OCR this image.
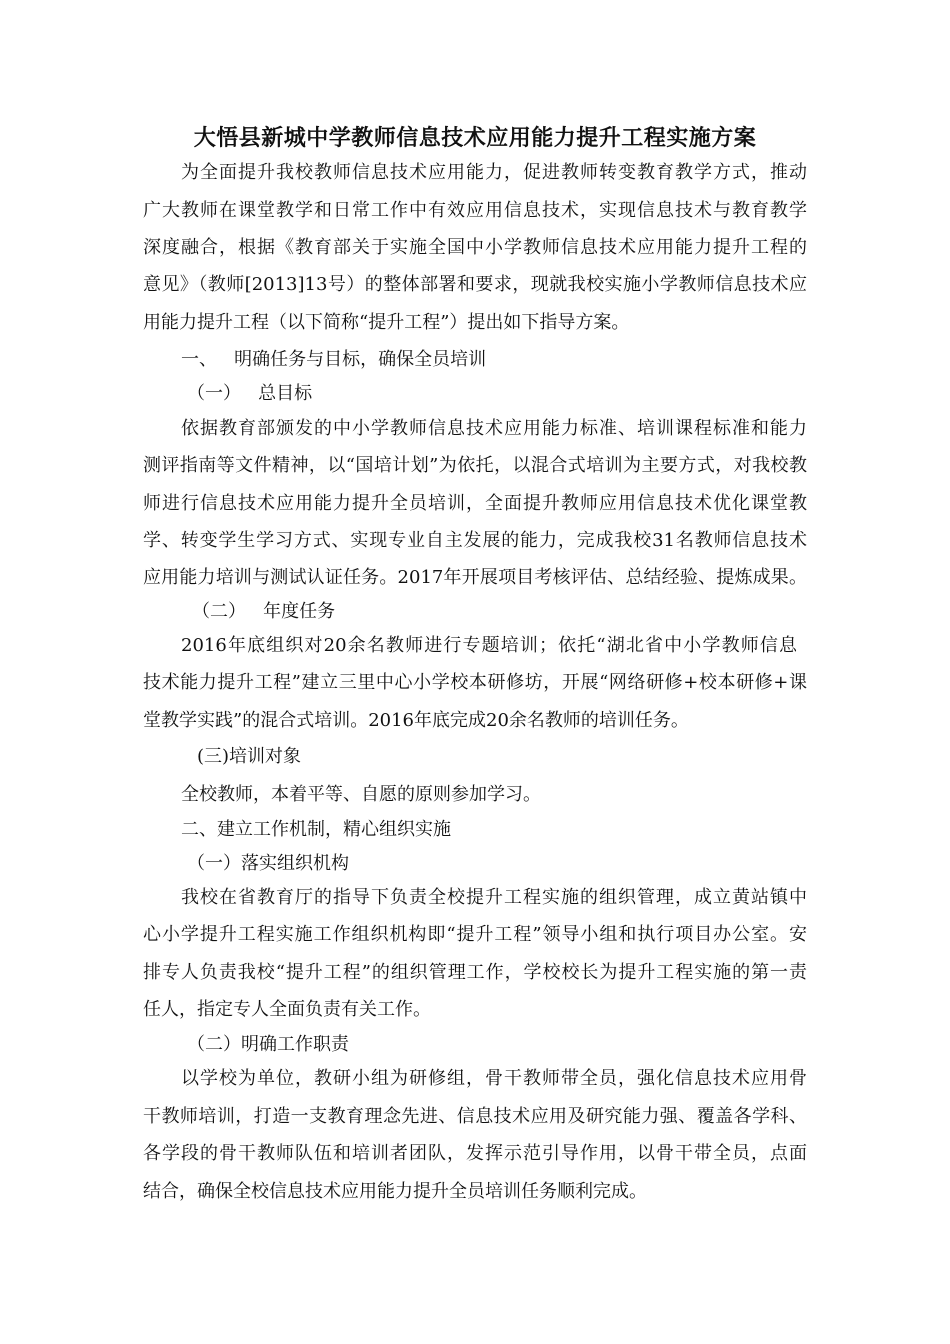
大悟县新城中学教师信息技术应用能力提升工程实施方案
为全面提升我校教师信息技术应用能力，促进教师转变教育教学方式，推动
广大教师在课堂教学和日常工作中有效应用信息技术，实现信息技术与教育教学
深度融合，根据《教育部关于实施全国中小学教师信息技术应用能力提升工程的
意见》（教师[2013]13号）的整体部署和要求，现就我校实施小学教师信息技术应
用能力提升工程（以下简称“提升工程”）提出如下指导方案。
一、   明确任务与目标，确保全员培训
（一）   总目标
依据教育部颁发的中小学教师信息技术应用能力标准、培训课程标准和能力
测评指南等文件精神，以“国培计划”为依托，以混合式培训为主要方式，对我校教
师进行信息技术应用能力提升全员培训，全面提升教师应用信息技术优化课堂教
学、转变学生学习方式、实现专业自主发展的能力，完成我校31名教师信息技术
应用能力培训与测试认证任务。2017年开展项目考核评估、总结经验、提炼成果。
（二）   年度任务
2016年底组织对20余名教师进行专题培训；依托“湖北省中小学教师信息
技术能力提升工程”建立三里中心小学校本研修坊，开展“网络研修+校本研修+课
堂教学实践”的混合式培训。2016年底完成20余名教师的培训任务。
(三)培训对象
全校教师，本着平等、自愿的原则参加学习。
二、建立工作机制，精心组织实施
（一）落实组织机构
我校在省教育厅的指导下负责全校提升工程实施的组织管理，成立黄站镇中
心小学提升工程实施工作组织机构即“提升工程”领导小组和执行项目办公室。安
排专人负责我校“提升工程”的组织管理工作，学校校长为提升工程实施的第一责
任人，指定专人全面负责有关工作。
（二）明确工作职责
以学校为单位，教研小组为研修组，骨干教师带全员，强化信息技术应用骨
干教师培训，打造一支教育理念先进、信息技术应用及研究能力强、覆盖各学科、
各学段的骨干教师队伍和培训者团队，发挥示范引导作用，以骨干带全员，点面
结合，确保全校信息技术应用能力提升全员培训任务顺利完成。
